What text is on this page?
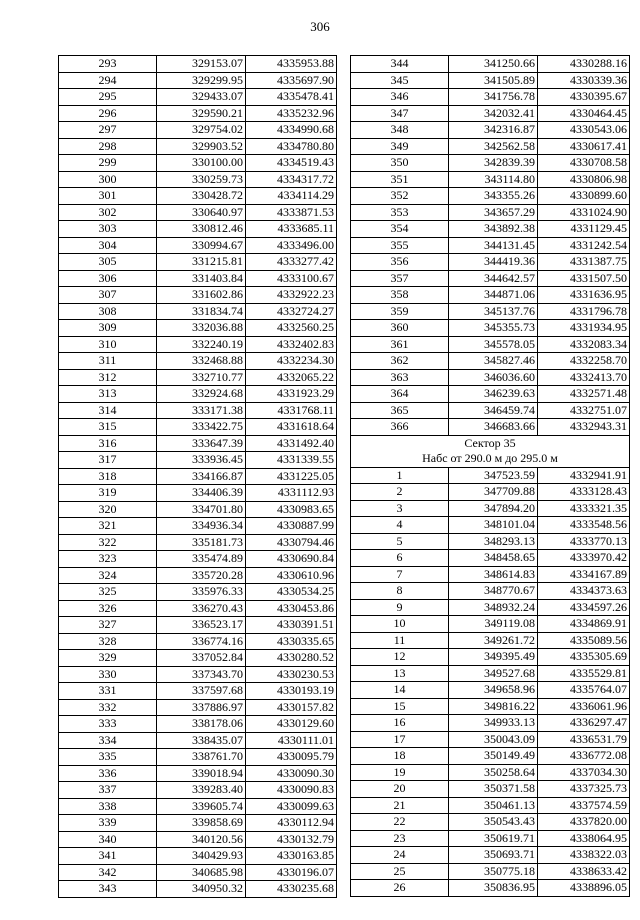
306
293	329153.07	4335953.88
294	329299.95	4335697.90
295	329433.07	4335478.41
296	329590.21	4335232.96
297	329754.02	4334990.68
298	329903.52	4334780.80
299	330100.00	4334519.43
300	330259.73	4334317.72
301	330428.72	4334114.29
302	330640.97	4333871.53
303	330812.46	4333685.11
304	330994.67	4333496.00
305	331215.81	4333277.42
306	331403.84	4333100.67
307	331602.86	4332922.23
308	331834.74	4332724.27
309	332036.88	4332560.25
310	332240.19	4332402.83
311	332468.88	4332234.30
312	332710.77	4332065.22
313	332924.68	4331923.29
314	333171.38	4331768.11
315	333422.75	4331618.64
316	333647.39	4331492.40
317	333936.45	4331339.55
318	334166.87	4331225.05
319	334406.39	4331112.93
320	334701.80	4330983.65
321	334936.34	4330887.99
322	335181.73	4330794.46
323	335474.89	4330690.84
324	335720.28	4330610.96
325	335976.33	4330534.25
326	336270.43	4330453.86
327	336523.17	4330391.51
328	336774.16	4330335.65
329	337052.84	4330280.52
330	337343.70	4330230.53
331	337597.68	4330193.19
332	337886.97	4330157.82
333	338178.06	4330129.60
334	338435.07	4330111.01
335	338761.70	4330095.79
336	339018.94	4330090.30
337	339283.40	4330090.83
338	339605.74	4330099.63
339	339858.69	4330112.94
340	340120.56	4330132.79
341	340429.93	4330163.85
342	340685.98	4330196.07
343	340950.32	4330235.68
344	341250.66	4330288.16
345	341505.89	4330339.36
346	341756.78	4330395.67
347	342032.41	4330464.45
348	342316.87	4330543.06
349	342562.58	4330617.41
350	342839.39	4330708.58
351	343114.80	4330806.98
352	343355.26	4330899.60
353	343657.29	4331024.90
354	343892.38	4331129.45
355	344131.45	4331242.54
356	344419.36	4331387.75
357	344642.57	4331507.50
358	344871.06	4331636.95
359	345137.76	4331796.78
360	345355.73	4331934.95
361	345578.05	4332083.34
362	345827.46	4332258.70
363	346036.60	4332413.70
364	346239.63	4332571.48
365	346459.74	4332751.07
366	346683.66	4332943.31
Сектор 35		
Набс от 290.0 м до 295.0 м		
1	347523.59	4332941.91
2	347709.88	4333128.43
3	347894.20	4333321.35
4	348101.04	4333548.56
5	348293.13	4333770.13
6	348458.65	4333970.42
7	348614.83	4334167.89
8	348770.67	4334373.63
9	348932.24	4334597.26
10	349119.08	4334869.91
11	349261.72	4335089.56
12	349395.49	4335305.69
13	349527.68	4335529.81
14	349658.96	4335764.07
15	349816.22	4336061.96
16	349933.13	4336297.47
17	350043.09	4336531.79
18	350149.49	4336772.08
19	350258.64	4337034.30
20	350371.58	4337325.73
21	350461.13	4337574.59
22	350543.43	4337820.00
23	350619.71	4338064.95
24	350693.71	4338322.03
25	350775.18	4338633.42
26	350836.95	4338896.05
